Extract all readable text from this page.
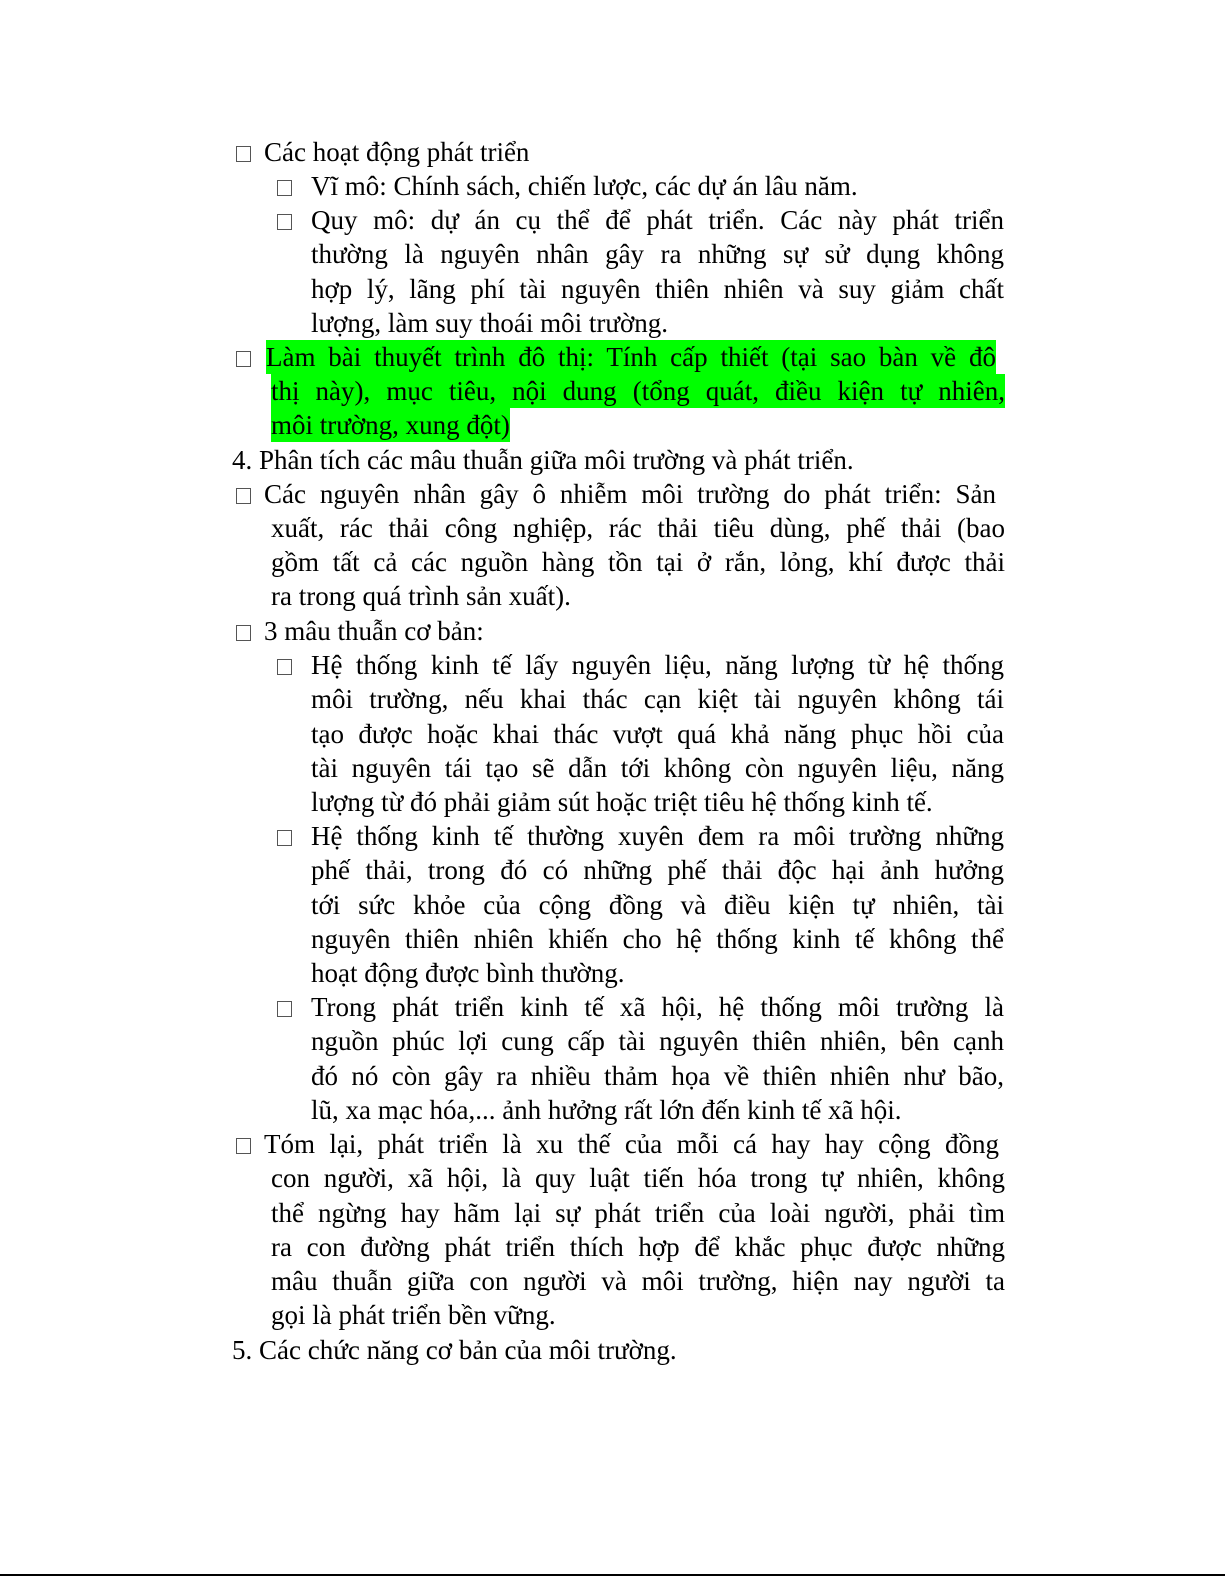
Các hoạt động phát triển
Vĩ mô: Chính sách, chiến lược, các dự án lâu năm.
Quy mô: dự án cụ thể để phát triển. Các này phát triển
thường là nguyên nhân gây ra những sự sử dụng không
hợp lý, lãng phí tài nguyên thiên nhiên và suy giảm chất
lượng, làm suy thoái môi trường.
Làm bài thuyết trình đô thị: Tính cấp thiết (tại sao bàn về đô
thị này), mục tiêu, nội dung (tổng quát, điều kiện tự nhiên,
môi trường, xung đột)
4. Phân tích các mâu thuẫn giữa môi trường và phát triển.
Các nguyên nhân gây ô nhiễm môi trường do phát triển: Sản
xuất, rác thải công nghiệp, rác thải tiêu dùng, phế thải (bao
gồm tất cả các nguồn hàng tồn tại ở rắn, lỏng, khí được thải
ra trong quá trình sản xuất).
3 mâu thuẫn cơ bản:
Hệ thống kinh tế lấy nguyên liệu, năng lượng từ hệ thống
môi trường, nếu khai thác cạn kiệt tài nguyên không tái
tạo được hoặc khai thác vượt quá khả năng phục hồi của
tài nguyên tái tạo sẽ dẫn tới không còn nguyên liệu, năng
lượng từ đó phải giảm sút hoặc triệt tiêu hệ thống kinh tế.
Hệ thống kinh tế thường xuyên đem ra môi trường những
phế thải, trong đó có những phế thải độc hại ảnh hưởng
tới sức khỏe của cộng đồng và điều kiện tự nhiên, tài
nguyên thiên nhiên khiến cho hệ thống kinh tế không thể
hoạt động được bình thường.
Trong phát triển kinh tế xã hội, hệ thống môi trường là
nguồn phúc lợi cung cấp tài nguyên thiên nhiên, bên cạnh
đó nó còn gây ra nhiều thảm họa về thiên nhiên như bão,
lũ, xa mạc hóa,... ảnh hưởng rất lớn đến kinh tế xã hội.
Tóm lại, phát triển là xu thế của mỗi cá hay hay cộng đồng
con người, xã hội, là quy luật tiến hóa trong tự nhiên, không
thể ngừng hay hãm lại sự phát triển của loài người, phải tìm
ra con đường phát triển thích hợp để khắc phục được những
mâu thuẫn giữa con người và môi trường, hiện nay người ta
gọi là phát triển bền vững.
5. Các chức năng cơ bản của môi trường.
